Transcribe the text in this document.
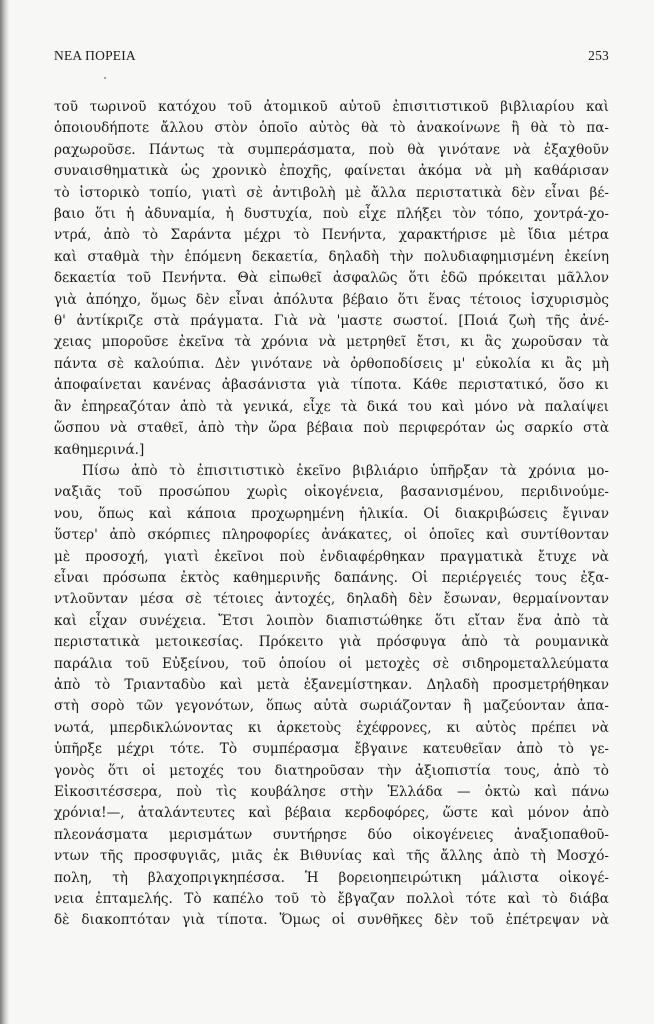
ΝΕΑ ΠΟΡΕΙΑ	253
τοῦ τωρινοῦ κατόχου τοῦ ἀτομικοῦ αὐτοῦ ἐπισιτιστικοῦ βιβλιαρίου καὶ
ὁποιουδήποτε ἄλλου στὸν ὁποῖο αὐτὸς θὰ τὸ ἀνακοίνωνε ἢ θὰ τὸ πα-
ραχωροῦσε. Πάντως τὰ συμπεράσματα, ποὺ θὰ γινότανε νὰ ἐξαχθοῦν
συναισθηματικὰ ὡς χρονικὸ ἐποχῆς, φαίνεται ἀκόμα νὰ μὴ καθάρισαν
τὸ ἱστορικὸ τοπίο, γιατὶ σὲ ἀντιβολὴ μὲ ἄλλα περιστατικὰ δὲν εἶναι βέ-
βαιο ὅτι ἡ ἀδυναμία, ἡ δυστυχία, ποὺ εἶχε πλήξει τὸν τόπο, χοντρά-χο-
ντρά, ἀπὸ τὸ Σαράντα μέχρι τὸ Πενήντα, χαρακτήρισε μὲ ἴδια μέτρα
καὶ σταθμὰ τὴν ἑπόμενη δεκαετία, δηλαδὴ τὴν πολυδιαφημισμένη ἐκείνη
δεκαετία τοῦ Πενήντα. Θὰ εἰπωθεῖ ἀσφαλῶς ὅτι ἐδῶ πρόκειται μᾶλλον
γιὰ ἀπόηχο, ὅμως δὲν εἶναι ἀπόλυτα βέβαιο ὅτι ἕνας τέτοιος ἰσχυρισμὸς
θ' ἀντίκριζε στὰ πράγματα. Γιὰ νὰ 'μαστε σωστοί. [Ποιά ζωὴ τῆς ἀνέ-
χειας μποροῦσε ἐκεῖνα τὰ χρόνια νὰ μετρηθεῖ ἔτσι, κι ἂς χωροῦσαν τὰ
πάντα σὲ καλούπια. Δὲν γινότανε νὰ ὀρθοποδίσεις μ' εὐκολία κι ἂς μὴ
ἀποφαίνεται κανένας ἀβασάνιστα γιὰ τίποτα. Κάθε περιστατικό, ὅσο κι
ἂν ἐπηρεαζόταν ἀπὸ τὰ γενικά, εἶχε τὰ δικά του καὶ μόνο νὰ παλαίψει
ὥσπου νὰ σταθεῖ, ἀπὸ τὴν ὥρα βέβαια ποὺ περιφερόταν ὡς σαρκίο στὰ
καθημερινά.]
Πίσω ἀπὸ τὸ ἐπισιτιστικὸ ἐκεῖνο βιβλιάριο ὑπῆρξαν τὰ χρόνια μο-
ναξιᾶς τοῦ προσώπου χωρὶς οἰκογένεια, βασανισμένου, περιδινούμε-
νου, ὅπως καὶ κάποια προχωρημένη ἡλικία. Οἱ διακριβώσεις ἔγιναν
ὕστερ' ἀπὸ σκόρπιες πληροφορίες ἀνάκατες, οἱ ὁποῖες καὶ συντίθονταν
μὲ προσοχή, γιατὶ ἐκεῖνοι ποὺ ἐνδιαφέρθηκαν πραγματικὰ ἔτυχε νὰ
εἶναι πρόσωπα ἐκτὸς καθημερινῆς δαπάνης. Οἱ περιέργειές τους ἐξα-
ντλοῦνταν μέσα σὲ τέτοιες ἀντοχές, δηλαδὴ δὲν ἔσωναν, θερμαίνονταν
καὶ εἶχαν συνέχεια. Ἔτσι λοιπὸν διαπιστώθηκε ὅτι εἴταν ἕνα ἀπὸ τὰ
περιστατικὰ μετοικεσίας. Πρόκειτο γιὰ πρόσφυγα ἀπὸ τὰ ρουμανικὰ
παράλια τοῦ Εὐξείνου, τοῦ ὁποίου οἱ μετοχὲς σὲ σιδηρομεταλλεύματα
ἀπὸ τὸ Τριανταδὺο καὶ μετὰ ἐξανεμίστηκαν. Δηλαδὴ προσμετρήθηκαν
στὴ σορὸ τῶν γεγονότων, ὅπως αὐτὰ σωριάζονταν ἢ μαζεύονταν ἀπα-
νωτά, μπερδικλώνοντας κι ἀρκετοὺς ἐχέφρονες, κι αὐτὸς πρέπει νὰ
ὑπῆρξε μέχρι τότε. Τὸ συμπέρασμα ἔβγαινε κατευθεῖαν ἀπὸ τὸ γε-
γονὸς ὅτι οἱ μετοχές του διατηροῦσαν τὴν ἀξιοπιστία τους, ἀπὸ τὸ
Εἰκοσιτέσσερα, ποὺ τὶς κουβάλησε στὴν Ἑλλάδα — ὀκτὼ καὶ πάνω
χρόνια!—, ἀταλάντευτες καὶ βέβαια κερδοφόρες, ὥστε καὶ μόνον ἀπὸ
πλεονάσματα μερισμάτων συντήρησε δύο οἰκογένειες ἀναξιοπαθοῦ-
ντων τῆς προσφυγιᾶς, μιᾶς ἐκ Βιθυνίας καὶ τῆς ἄλλης ἀπὸ τὴ Μοσχό-
πολη, τὴ βλαχοπριγκηπέσσα. Ἡ βορειοηπειρώτικη μάλιστα οἰκογέ-
νεια ἐπταμελής. Τὸ καπέλο τοῦ τὸ ἔβγαζαν πολλοὶ τότε καὶ τὸ διάβα
δὲ διακοπτόταν γιὰ τίποτα. Ὅμως οἱ συνθῆκες δὲν τοῦ ἐπέτρεψαν νὰ
